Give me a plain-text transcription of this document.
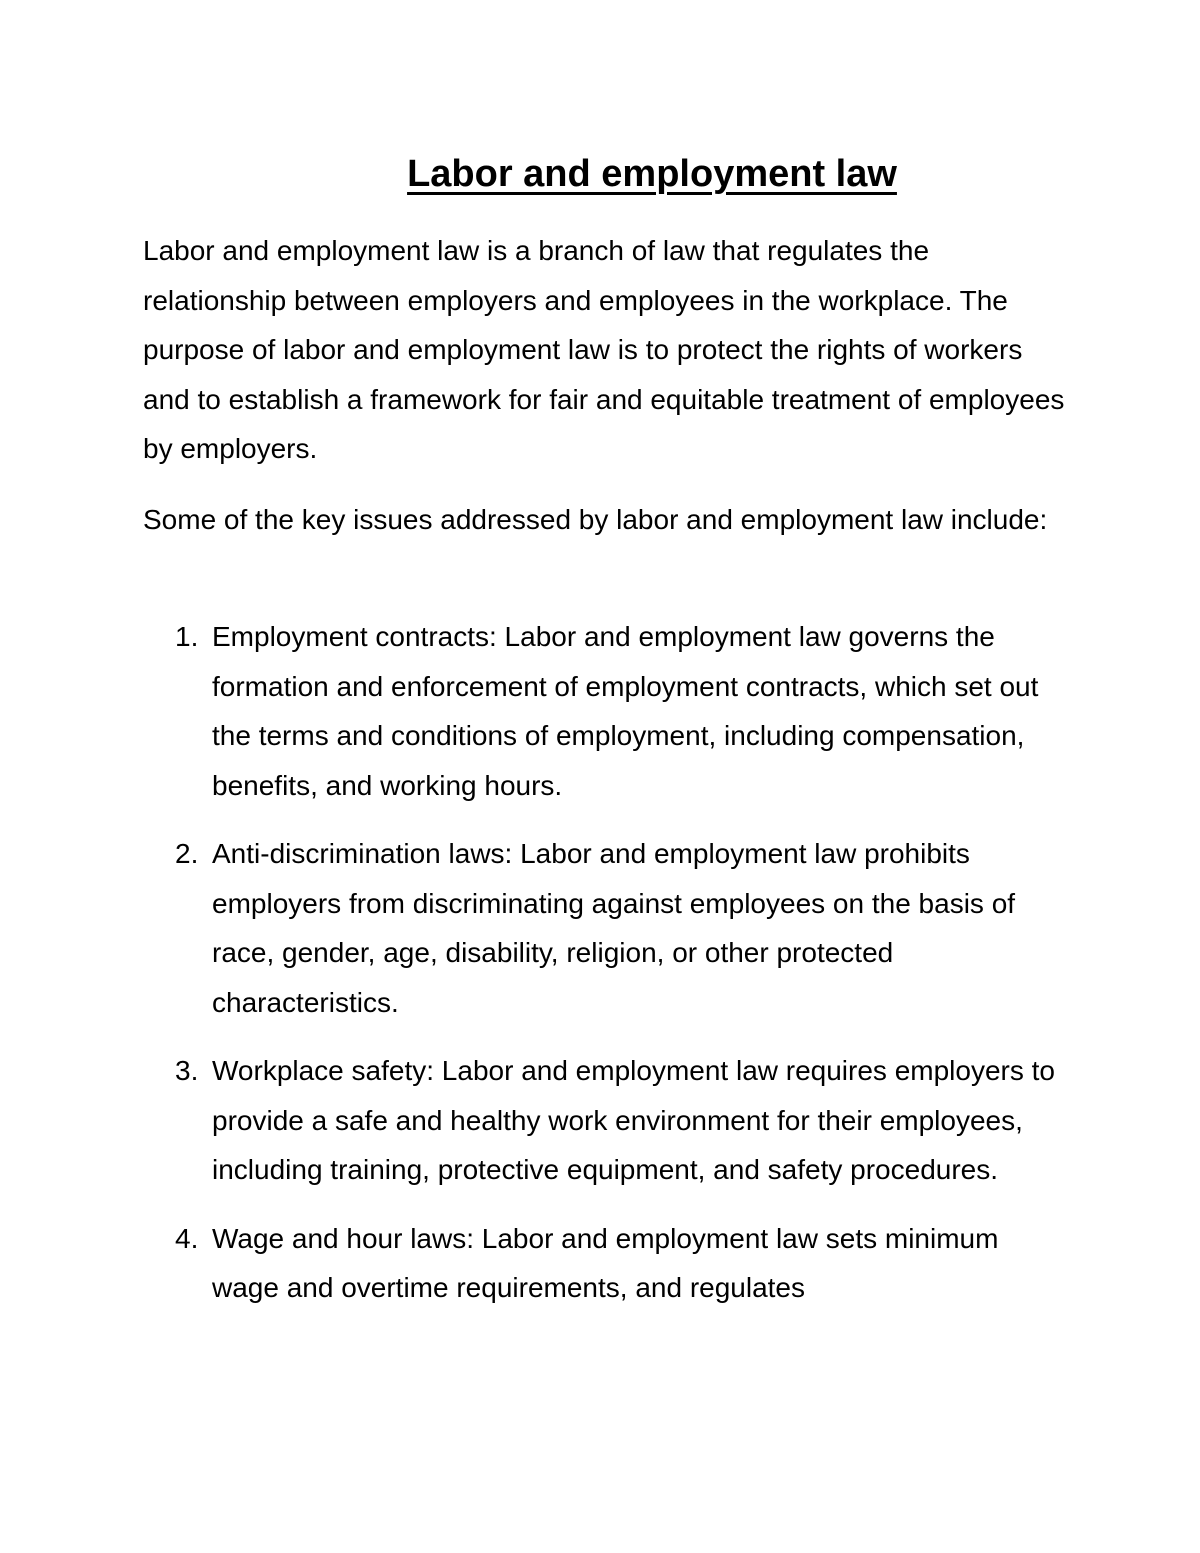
Labor and employment law

Labor and employment law is a branch of law that regulates the relationship between employers and employees in the workplace. The purpose of labor and employment law is to protect the rights of workers and to establish a framework for fair and equitable treatment of employees by employers.

Some of the key issues addressed by labor and employment law include:

1. Employment contracts: Labor and employment law governs the formation and enforcement of employment contracts, which set out the terms and conditions of employment, including compensation, benefits, and working hours.
2. Anti-discrimination laws: Labor and employment law prohibits employers from discriminating against employees on the basis of race, gender, age, disability, religion, or other protected characteristics.
3. Workplace safety: Labor and employment law requires employers to provide a safe and healthy work environment for their employees, including training, protective equipment, and safety procedures.
4. Wage and hour laws: Labor and employment law sets minimum wage and overtime requirements, and regulates
